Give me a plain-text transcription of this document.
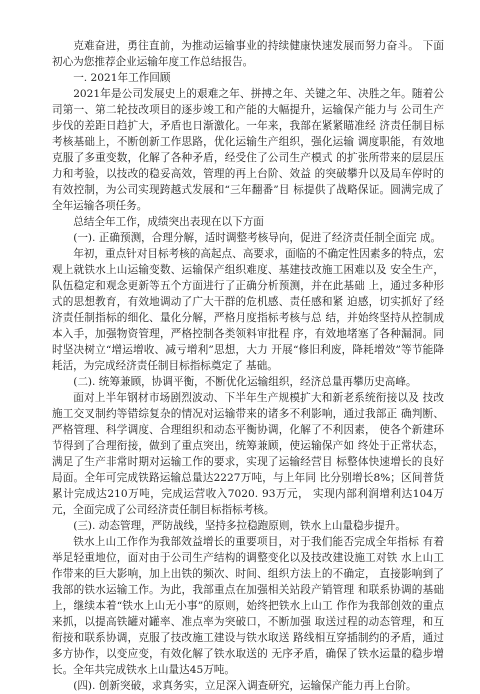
克难奋进，勇往直前，为推动运输事业的持续健康快速发展而努力奋斗。 下面初心为您推荐企业运输年度工作总结报告。

一. 2021年工作回顾

2021年是公司发展史上的艰难之年、拼搏之年、关键之年、决胜之年。随着公司第一、第二轮技改项目的逐步竣工和产能的大幅提升，运输保产能力与 公司生产步伐的差距日趋扩大，矛盾也日渐激化。一年来，我部在紧紧瞄准经 济责任制目标考核基础上，不断创新工作思路，优化运输生产组织，强化运输 调度职能，有效地克服了多重变数，化解了各种矛盾，经受住了公司生产模式 的扩张所带来的层层压力和考验，以技改的稳妥高效，管理的再上台阶、效益 的突破攀升以及局车停时的有效控制，为公司实现跨越式发展和“三年翻番”目 标提供了战略保证。圆满完成了全年运输各项任务。

总结全年工作，成绩突出表现在以下方面

(一). 正确预测，合理分解，适时调整考核导向，促进了经济责任制全面完 成。

年初，重点针对目标考核的高起点、高要求，面临的不确定性因素多的特点，宏观上就铁水上山运输变数、运输保产组织难度、基建技改施工困难以及 安全生产，队伍稳定和观念更新等五个方面进行了正确分析预测，并在此基础 上，通过多种形式的思想教育，有效地调动了广大干群的危机感、责任感和紧 迫感，切实抓好了经济责任制指标的细化、量化分解，严格月度指标考核与总 结，并始终坚持从控制成本入手，加强物资管理，严格控制各类领料审批程 序，有效地堵塞了各种漏洞。同时坚决树立“增运增收、减亏增利”思想，大力 开展“修旧利废，降耗增效”等节能降耗活，为完成经济责任制目标指标奠定了 基础。

(二). 统筹兼顾，协调平衡，不断优化运输组织，经济总量再攀历史高峰。

面对上半年钢材市场剧烈波动、下半年生产规模扩大和新老系统衔接以及 技改施工交叉制约等错综复杂的情况对运输带来的诸多不利影响，通过我部正 确判断、严格管理、科学调度、合理组织和动态平衡协调，化解了不利因素， 使各个新建环节得到了合理衔接，做到了重点突出，统筹兼顾，使运输保产如 终处于正常状态，满足了生产非常时期对运输工作的要求，实现了运输经营目 标整体快速增长的良好局面。全年可完成铁路运输总量达2227万吨，与上年同 比分别增长8%；区间普货累计完成达210万吨，完成运营收入7020. 93万元， 实现内部利润增利达104万元，全面完成了公司经济责任制目标指标考核。

(三). 动态管理，严防战线，坚持多拉稳跑原则，铁水上山量稳步提升。

铁水上山工作作为我部效益增长的重要项目，对于我们能否完成全年指标 有着举足轻重地位，面对由于公司生产结构的调整变化以及技改建设施工对铁 水上山工作带来的巨大影响，加上出铁的频次、时间、组织方法上的不确定， 直接影响到了我部的铁水运输工作。为此，我部重点在加强相关站段产销管理 和联系协调的基础上，继续本着“铁水上山无小事”的原则，始终把铁水上山工 作作为我部创效的重点来抓，以提高铁罐对罐率、准点率为突破口，不断加强 取送过程的动态管理，和互衔接和联系协调，克服了技改施工建设与铁水取送 路线相互穿插制约的矛盾，通过多方协作，以变应变，有效化解了铁水取送的 无序矛盾，确保了铁水运量的稳步增长。全年共完成铁水上山量达45万吨。

(四). 创新突破，求真务实，立足深入调查研究，运输保产能力再上台阶。
